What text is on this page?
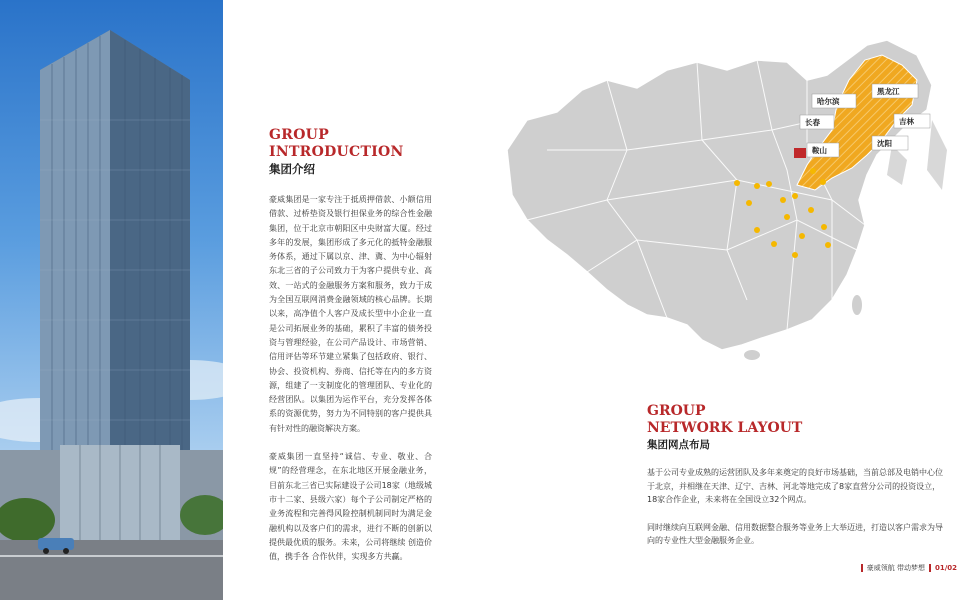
GROUP
INTRODUCTION
集团介绍

豪威集团是一家专注于抵质押借款、小额信用借款、过桥垫资及银行担保业务的综合性金融集团，位于北京市朝阳区中央财富大厦。经过多年的发展，集团形成了多元化的抵特金融服务体系，通过下属以京、津、冀、为中心辐射东北三省的子公司致力于为客户提供专业、高效、一站式的金融服务方案和服务，致力于成为全国互联网消费金融领域的核心品牌。长期以来，高净值个人客户及成长型中小企业一直是公司拓展业务的基础，累积了丰富的债务投资与管理经验，在公司产品设计、市场营销、信用评估等环节建立紧集了包括政府、银行、协会、投资机构、券商、信托等在内的多方资源，组建了一支制度化的管理团队、专业化的经营团队。以集团为运作平台，充分发挥各体系的资源优势，努力为不同特别的客户提供具有针对性的融资解决方案。

豪威集团一直坚持“诚信、专业、敬业、合规”的经营理念，在东北地区开展金融业务，目前东北三省已实际建设子公司18家（地级城市十二家、县级六家）每个子公司制定严格的业务流程和完善得风险控制机制同时为满足金融机构以及客户们的需求，进行不断的创新以提供最优质的服务。未来，公司将继续 创造价值，携手各 合作伙伴，实现多方共赢。

哈尔滨
黑龙江
长春	吉林
鞍山
沈阳
GROUP
NETWORK LAYOUT
集团网点布局

基于公司专业成熟的运营团队及多年来奠定的良好市场基础，当前总部及电销中心位于北京，并相继在天津、辽宁、吉林、河北等地完成了8家直营分公司的投资设立，18家合作企业，未来将在全国设立32个网点。

同时继续向互联网金融、信用数据整合服务等业务上大举迈进，打造以客户需求为导向的专业性大型金融服务企业。

豪威领航 带动梦想 01/02
